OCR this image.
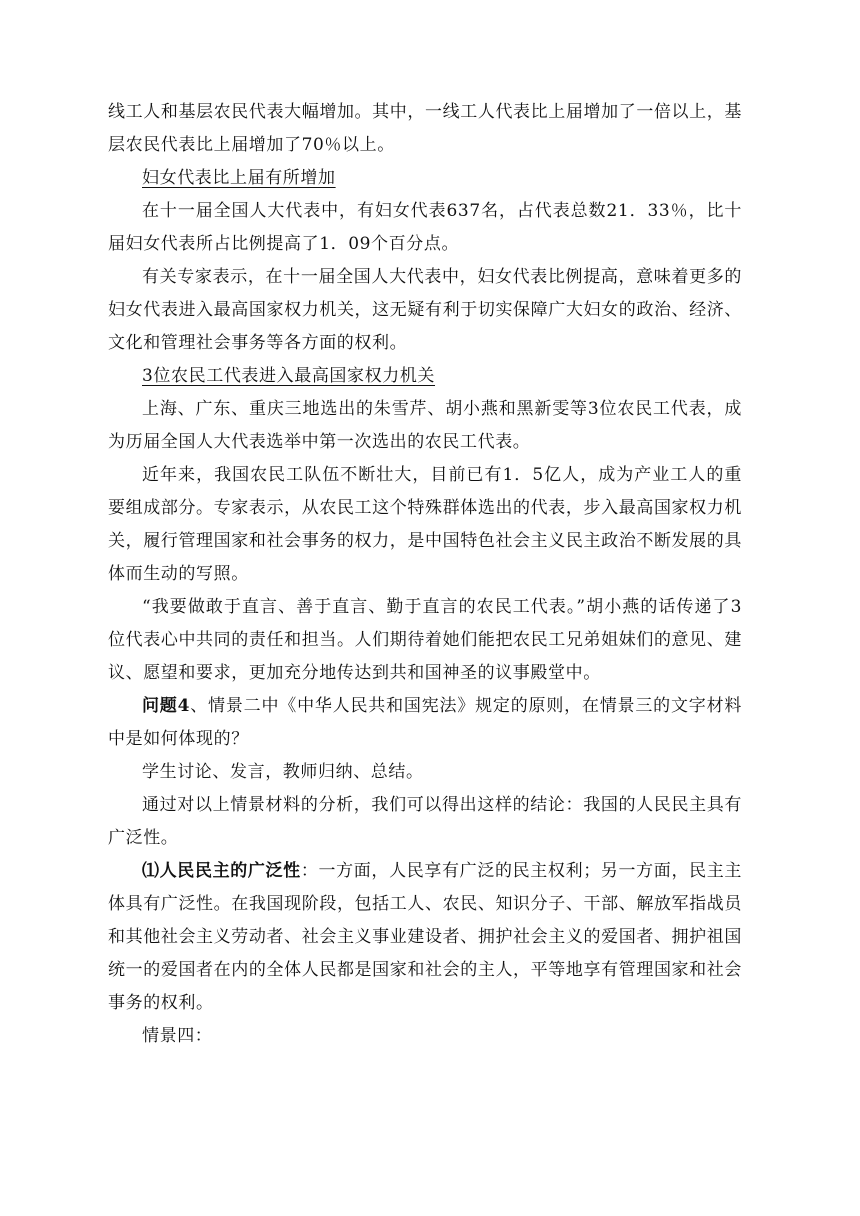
线工人和基层农民代表大幅增加。其中，一线工人代表比上届增加了一倍以上，基层农民代表比上届增加了70％以上。

妇女代表比上届有所增加

在十一届全国人大代表中，有妇女代表637名，占代表总数21．33％，比十届妇女代表所占比例提高了1．09个百分点。

有关专家表示，在十一届全国人大代表中，妇女代表比例提高，意味着更多的妇女代表进入最高国家权力机关，这无疑有利于切实保障广大妇女的政治、经济、文化和管理社会事务等各方面的权利。

3位农民工代表进入最高国家权力机关

上海、广东、重庆三地选出的朱雪芹、胡小燕和黑新雯等3位农民工代表，成为历届全国人大代表选举中第一次选出的农民工代表。

近年来，我国农民工队伍不断壮大，目前已有1．5亿人，成为产业工人的重要组成部分。专家表示，从农民工这个特殊群体选出的代表，步入最高国家权力机关，履行管理国家和社会事务的权力，是中国特色社会主义民主政治不断发展的具体而生动的写照。

“我要做敢于直言、善于直言、勤于直言的农民工代表。”胡小燕的话传递了3位代表心中共同的责任和担当。人们期待着她们能把农民工兄弟姐妹们的意见、建议、愿望和要求，更加充分地传达到共和国神圣的议事殿堂中。

问题4、情景二中《中华人民共和国宪法》规定的原则，在情景三的文字材料中是如何体现的？

学生讨论、发言，教师归纳、总结。

通过对以上情景材料的分析，我们可以得出这样的结论：我国的人民民主具有广泛性。

⑴人民民主的广泛性：一方面，人民享有广泛的民主权利；另一方面，民主主体具有广泛性。在我国现阶段，包括工人、农民、知识分子、干部、解放军指战员和其他社会主义劳动者、社会主义事业建设者、拥护社会主义的爱国者、拥护祖国统一的爱国者在内的全体人民都是国家和社会的主人，平等地享有管理国家和社会事务的权利。

情景四：
